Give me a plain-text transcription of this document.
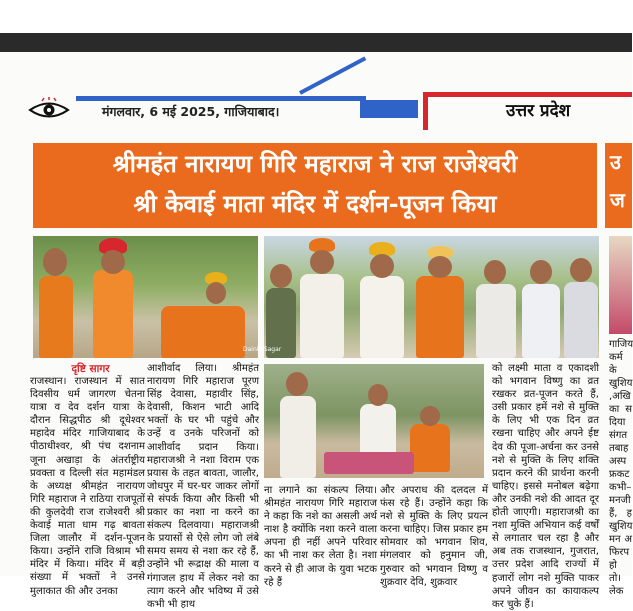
मंगलवार, 6 मई 2025, गाजियाबाद।	उत्तर प्रदेश
श्रीमहंत नारायण गिरि महाराज ने राज राजेश्वरी
श्री केवाई माता मंदिर में दर्शन-पूजन किया
उ
ज
Dainik Sagar
दृष्टि सागर

राजस्थान। राजस्थान में सात दिवसीय धर्म जागरण चेतना यात्रा व देव दर्शन यात्रा के दौरान सिद्धपीठ श्री दूधेश्वर महादेव मंदिर गाजियाबाद के पीठाधीश्वर, श्री पंच दशनाम जूना अखाड़ा के अंतर्राष्ट्रीय प्रवक्ता व दिल्ली संत महामंडल के अध्यक्ष श्रीमहंत नारायण गिरि महाराज ने राठिया राजपूतों की कुलदेवी राज राजेश्वरी श्री केवाई माता धाम गढ़ बावता जिला जालौर में दर्शन-पूजन किया। उन्होंने राजि विश्राम भी मंदिर में किया। मंदिर में बड़ी संख्या में भक्तों ने उनसे मुलाकात की और उनका

आशीर्वाद लिया। श्रीमहंत नारायण गिरि महाराज पूरण सिंह देवासा, महावीर सिंह, देवासी, किशन भाटी आदि भक्तों के घर भी पहुंचे और उन्हें व उनके परिजनों को आशीर्वाद प्रदान किया। महाराजश्री ने नशा विराम एक प्रयास के तहत बावता, जालौर, जोधपुर में घर-घर जाकर लोगों से संपर्क किया और किसी भी प्रकार का नशा ना करने का संकल्प दिलवाया। महाराजश्री के प्रयासों से ऐसे लोग जो लंबे समय समय से नशा कर रहे हैं, उन्होंने भी रूद्राक्ष की माला व गंगाजल हाथ में लेकर नशे का त्याग करने और भविष्य में उसे कभी भी हाथ

ना लगाने का संकल्प लिया। श्रीमहंत नारायण गिरि महाराज ने कहा कि नशे का असली अर्थ नाश है क्योंकि नशा करने वाला अपना ही नहीं अपने परिवार का भी नाश कर लेता है। नशा करने से ही आज के युवा भटक रहे हैं

और अपराध की दलदल में फंस रहे हैं। उन्होंने कहा कि नशे से मुक्ति के लिए प्रयत्न करना चाहिए। जिस प्रकार हम सोमवार को भगवान शिव, मंगलवार को हनुमान जी, गुरुवार को भगवान विष्णु व शुक्रवार देवि, शुक्रवार

को लक्ष्मी माता व एकादशी को भगवान विष्णु का व्रत रखकर व्रत-पूजन करते हैं, उसी प्रकार हमें नशे से मुक्ति के लिए भी एक दिन व्रत रखना चाहिए और अपने ईष्ट देव की पूजा-अर्चना कर उनसे नशे से मुक्ति के लिए शक्ति प्रदान करने की प्रार्थना करनी चाहिए। इससे मनोबल बढ़ेगा और उनकी नशे की आदत दूर होती जाएगी। महाराजश्री का नशा मुक्ति अभियान कई वर्षों से लगातार चल रहा है और अब तक राजस्थान, गुजरात, उत्तर प्रदेश आदि राज्यों में हजारों लोग नशे मुक्ति पाकर अपने जीवन का कायाकल्प कर चुके हैं।

गाजिय कर्म के खुशिय ,अखि का स दिया संगत तबाह अस्प फ्रकट कभी– मनजी हैं, ह खुशिय मन अ फिरप हो तो। लेक
